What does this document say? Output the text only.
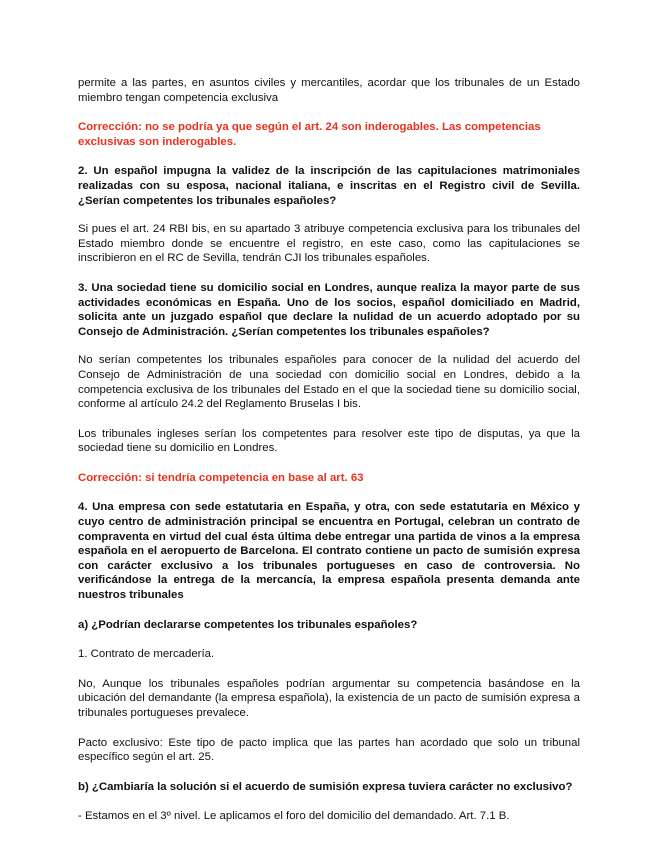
permite a las partes, en asuntos civiles y mercantiles, acordar que los tribunales de un Estado miembro tengan competencia exclusiva

Corrección: no se podría ya que según el art. 24 son inderogables. Las competencias exclusivas son inderogables.

2. Un español impugna la validez de la inscripción de las capitulaciones matrimoniales realizadas con su esposa, nacional italiana, e inscritas en el Registro civil de Sevilla. ¿Serían competentes los tribunales españoles?

Si pues el art. 24 RBI bis, en su apartado 3 atribuye competencia exclusiva para los tribunales del Estado miembro donde se encuentre el registro, en este caso, como las capitulaciones se inscribieron en el RC de Sevilla, tendrán CJI los tribunales españoles.

3. Una sociedad tiene su domicilio social en Londres, aunque realiza la mayor parte de sus actividades económicas en España. Uno de los socios, español domiciliado en Madrid, solicita ante un juzgado español que declare la nulidad de un acuerdo adoptado por su Consejo de Administración. ¿Serían competentes los tribunales españoles?

No serían competentes los tribunales españoles para conocer de la nulidad del acuerdo del Consejo de Administración de una sociedad con domicilio social en Londres, debido a la competencia exclusiva de los tribunales del Estado en el que la sociedad tiene su domicilio social, conforme al artículo 24.2 del Reglamento Bruselas I bis.

Los tribunales ingleses serían los competentes para resolver este tipo de disputas, ya que la sociedad tiene su domicilio en Londres.

Corrección: si tendría competencia en base al art. 63

4. Una empresa con sede estatutaria en España, y otra, con sede estatutaria en México y cuyo centro de administración principal se encuentra en Portugal, celebran un contrato de compraventa en virtud del cual ésta última debe entregar una partida de vinos a la empresa española en el aeropuerto de Barcelona. El contrato contiene un pacto de sumisión expresa con carácter exclusivo a los tribunales portugueses en caso de controversia. No verificándose la entrega de la mercancía, la empresa española presenta demanda ante nuestros tribunales

a) ¿Podrían declararse competentes los tribunales españoles?

1. Contrato de mercadería.

No, Aunque los tribunales españoles podrían argumentar su competencia basándose en la ubicación del demandante (la empresa española), la existencia de un pacto de sumisión expresa a tribunales portugueses prevalece.

Pacto exclusivo: Este tipo de pacto implica que las partes han acordado que solo un tribunal específico según el art. 25.

b) ¿Cambiaría la solución si el acuerdo de sumisión expresa tuviera carácter no exclusivo?

- Estamos en el 3º nivel. Le aplicamos el foro del domicilio del demandado. Art. 7.1 B.
